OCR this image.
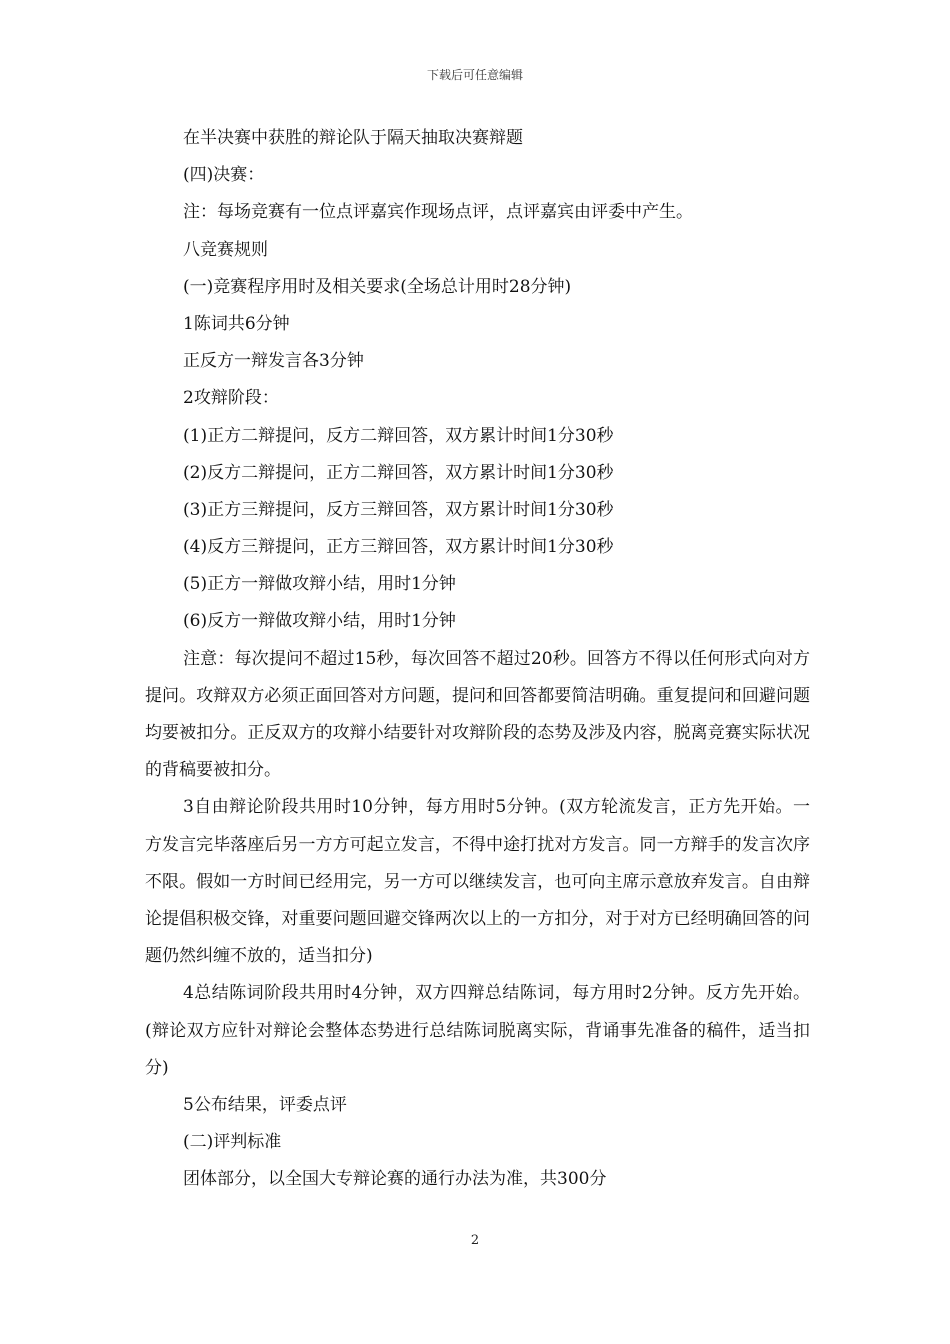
下载后可任意编辑
在半决赛中获胜的辩论队于隔天抽取决赛辩题
(四)决赛：
注：每场竞赛有一位点评嘉宾作现场点评，点评嘉宾由评委中产生。
八竞赛规则
(一)竞赛程序用时及相关要求(全场总计用时28分钟)
1陈词共6分钟
正反方一辩发言各3分钟
2攻辩阶段：
(1)正方二辩提问，反方二辩回答，双方累计时间1分30秒
(2)反方二辩提问，正方二辩回答，双方累计时间1分30秒
(3)正方三辩提问，反方三辩回答，双方累计时间1分30秒
(4)反方三辩提问，正方三辩回答，双方累计时间1分30秒
(5)正方一辩做攻辩小结，用时1分钟
(6)反方一辩做攻辩小结，用时1分钟

注意：每次提问不超过15秒，每次回答不超过20秒。回答方不得以任何形式向对方提问。攻辩双方必须正面回答对方问题，提问和回答都要简洁明确。重复提问和回避问题均要被扣分。正反双方的攻辩小结要针对攻辩阶段的态势及涉及内容，脱离竞赛实际状况的背稿要被扣分。

3自由辩论阶段共用时10分钟，每方用时5分钟。(双方轮流发言，正方先开始。一方发言完毕落座后另一方方可起立发言，不得中途打扰对方发言。同一方辩手的发言次序不限。假如一方时间已经用完，另一方可以继续发言，也可向主席示意放弃发言。自由辩论提倡积极交锋，对重要问题回避交锋两次以上的一方扣分，对于对方已经明确回答的问题仍然纠缠不放的，适当扣分)

4总结陈词阶段共用时4分钟，双方四辩总结陈词，每方用时2分钟。反方先开始。(辩论双方应针对辩论会整体态势进行总结陈词脱离实际，背诵事先准备的稿件，适当扣分)

5公布结果，评委点评
(二)评判标准
团体部分，以全国大专辩论赛的通行办法为准，共300分
2
